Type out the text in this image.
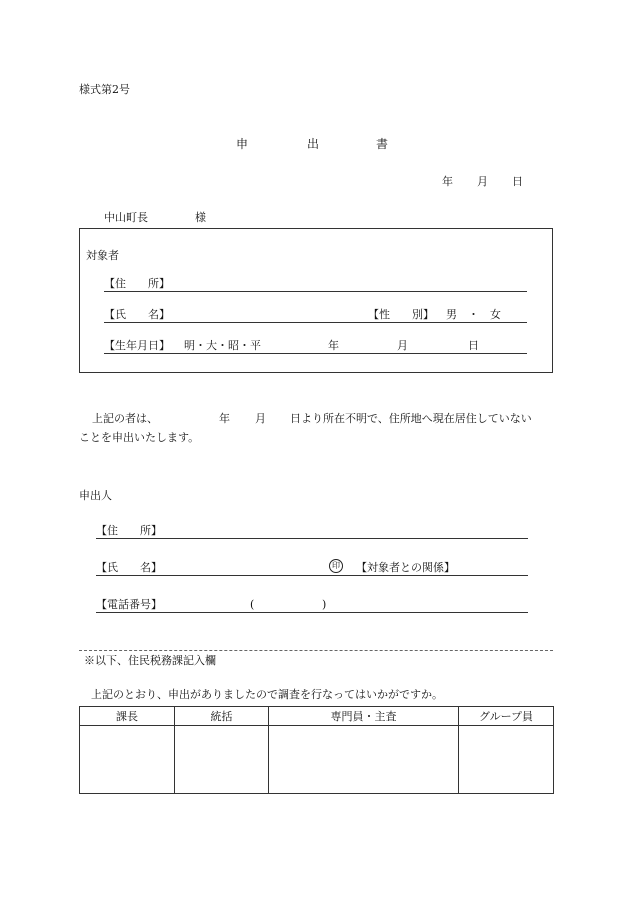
様式第2号
申	出	書
年 月 日
中山町長	様
対象者
【住　　所】
【氏　　名】	【性　　別】 男　・　女
【生年月日】 明・大・昭・平	年	月	日
上記の者は、	年 月 日より所在不明で、住所地へ現在居住していない
ことを申出いたします。
申出人
【住　　所】
【氏　　名】	印 【対象者との関係】
【電話番号】	(	)
※以下、住民税務課記入欄
上記のとおり、申出がありましたので調査を行なってはいかがですか。
課長	統括	専門員・主査	グループ員
